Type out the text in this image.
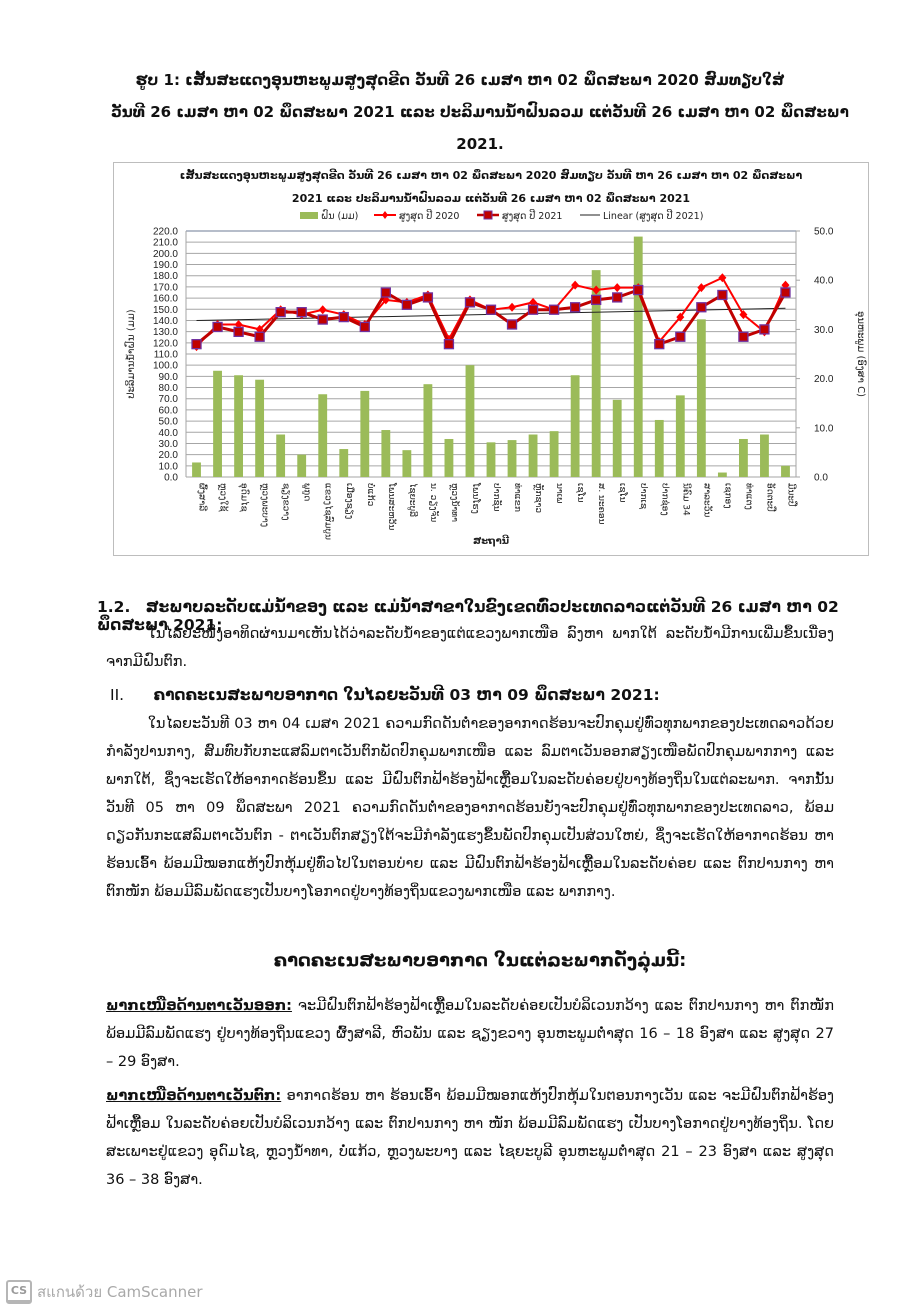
ຮູບ 1: ເສັ້ນສະແດງອຸນຫະພູມສູງສຸດຂີດ ວັນທີ 26 ເມສາ ຫາ 02 ພຶດສະພາ 2020 ສົມທຽບໃສ່
ວັນທີ 26 ເມສາ ຫາ 02 ພຶດສະພາ 2021 ແລະ ປະລິມານນໍ້າຝົນລວມ ແຕ່ວັນທີ 26 ເມສາ ຫາ 02 ພຶດສະພາ 2021.
ເສັ້ນສະແດງອຸນຫະພູມສູງສຸດຂີດ ວັນທີ 26 ເມສາ ຫາ 02 ພຶດສະພາ 2020 ສົມທຽບ ວັນທີ ຫາ 26 ເມສາ ຫາ 02 ພຶດສະພາ
2021 ແລະ ປະລິມານນໍ້າຝົນລວມ ແຕ່ວັນທີ 26 ເມສາ ຫາ 02 ພຶດສະພາ 2021
0.0
10.0
20.0
30.0
40.0
50.0
60.0
70.0
80.0
90.0
100.0
110.0
120.0
130.0
140.0
150.0
160.0
170.0
180.0
190.0
200.0
210.0
220.0
0.0
10.0
20.0
30.0
40.0
50.0
ປະລິມານນໍ້າຝົນ (ມມ)	ອຸນຫະພູມ (ອົງສາ C)
ສະຖານີ
ຜົ້ງສາລີ ຫຼວງໃຊ້ ອຸດົມໄຊ ຫຼວງພະບາງ ຊຽງຂວາງ ພູກູດ ແຂວງໄຊສົມບູນ ເມືອງຊຽງ ບໍ່ແກ້ວ ໂພນສະຫວັນ ໄຊຍະບູລີ ນ. ວຽງຈັນ ຫຼວງນ້ຳທາ ໂພນໂຮງ ປາກຊັນ ທ່າແຂກ ຫຼັກຊາວ ນາເພ ເຊໂນ ສ. ນະຄອນ ເຊໂນ ປາກເຊ ປາກຊ່ອງ ນິຄົມ 34 ສາລະວັນ ເຊກອງ ທ່າແຕງ ອັດຕະປື ມີນະປື
ຝົນ (ມມ)	ສູງສຸດ ປີ 2020	ສູງສຸດ ປີ 2021	Linear (ສູງສຸດ ປີ 2021)
1.2. ສະພາບລະດັບແມ່ນໍ້າຂອງ ແລະ ແມ່ນໍ້າສາຂາໃນຂົງເຂດທົ່ວປະເທດລາວແຕ່ວັນທີ 26 ເມສາ ຫາ 02 ພຶດສະພາ 2021:
ໃນໄລຍະໜຶ່ງອາທິດຜ່ານມາເຫັນໄດ້ວ່າລະດັບນໍ້າຂອງແຕ່ແຂວງພາກເໜືອ ລົງຫາ ພາກໃຕ້ ລະດັບນໍ້າມີການເພີ່ມຂຶ້ນເນື່ອງຈາກມີຝົນຕົກ.
II. ຄາດຄະເນສະພາບອາກາດ ໃນໄລຍະວັນທີ 03 ຫາ 09 ພຶດສະພາ 2021:
ໃນໄລຍະວັນທີ 03 ຫາ 04 ເມສາ 2021 ຄວາມກົດດັນຕໍ່າຂອງອາກາດຮ້ອນຈະປົກຄຸມຢູ່ທົ່ວທຸກພາກຂອງປະເທດລາວດ້ວຍກຳລັງປານກາງ, ສົມທົບກັບກະແສລົມຕາເວັນຕົກພັດປົກຄຸມພາກເໜືອ ແລະ ລົມຕາເວັນອອກສຽງເໜືອພັດປົກຄຸມພາກກາງ ແລະ ພາກໃຕ້, ຊຶ່ງຈະເຮັດໃຫ້ອາກາດຮ້ອນຂຶ້ນ ແລະ ມີຝົນຕົກຟ້າຮ້ອງຟ້າເຫຼື້ອມໃນລະດັບຄ່ອຍຢູ່ບາງທ້ອງຖິ່ນໃນແຕ່ລະພາກ. ຈາກນັ້ນ ວັນທີ 05 ຫາ 09 ພຶດສະພາ 2021 ຄວາມກົດດັນຕໍ່າຂອງອາກາດຮ້ອນຍັງຈະປົກຄຸມຢູ່ທົ່ວທຸກພາກຂອງປະເທດລາວ, ພ້ອມດຽວກັນກະແສລົມຕາເວັນຕົກ - ຕາເວັນຕົກສຽງໃຕ້ຈະມີກຳລັງແຮງຂຶ້ນພັດປົກຄຸມເປັນສ່ວນໃຫຍ່, ຊຶ່ງຈະເຮັດໃຫ້ອາກາດຮ້ອນ ຫາ ຮ້ອນເອົ້າ ພ້ອມມີໝອກແຫ້ງປົກຫຸ້ມຢູ່ທົ່ວໄປໃນຕອນບ່າຍ ແລະ ມີຝົນຕົກຟ້າຮ້ອງຟ້າເຫຼື້ອມໃນລະດັບຄ່ອຍ ແລະ ຕົກປານກາງ ຫາ ຕົກໜັກ ພ້ອມມີລົມພັດແຮງເປັນບາງໂອກາດຢູ່ບາງທ້ອງຖິ່ນແຂວງພາກເໜືອ ແລະ ພາກກາງ.
ຄາດຄະເນສະພາບອາກາດ ໃນແຕ່ລະພາກດັ່ງລຸ່ມນີ້:
ພາກເໜືອດ້ານຕາເວັນອອກ: ຈະມີຝົນຕົກຟ້າຮ້ອງຟ້າເຫຼື້ອມໃນລະດັບຄ່ອຍເປັນບໍລິເວນກວ້າງ ແລະ ຕົກປານກາງ ຫາ ຕົກໜັກ ພ້ອມມີລົມພັດແຮງ ຢູ່ບາງທ້ອງຖິ່ນແຂວງ ຜົ້ງສາລີ, ຫົວພັນ ແລະ ຊຽງຂວາງ ອຸນຫະພູມຕໍ່າສຸດ 16 – 18 ອົງສາ ແລະ ສູງສຸດ 27 – 29 ອົງສາ.
ພາກເໜືອດ້ານຕາເວັນຕົກ: ອາກາດຮ້ອນ ຫາ ຮ້ອນເອົ້າ ພ້ອມມີໝອກແຫ້ງປົກຫຸ້ມໃນຕອນກາງເວັນ ແລະ ຈະມີຝົນຕົກຟ້າຮ້ອງຟ້າເຫຼື້ອມ ໃນລະດັບຄ່ອຍເປັນບໍລິເວນກວ້າງ ແລະ ຕົກປານກາງ ຫາ ໜັກ ພ້ອມມີລົມພັດແຮງ ເປັນບາງໂອກາດຢູ່ບາງທ້ອງຖິ່ນ. ໂດຍສະເພາະຢູ່ແຂວງ ອຸດົມໄຊ, ຫຼວງນໍ້າທາ, ບໍ່ແກ້ວ, ຫຼວງພະບາງ ແລະ ໄຊຍະບູລີ ອຸນຫະພູມຕໍ່າສຸດ 21 – 23 ອົງສາ ແລະ ສູງສຸດ 36 – 38 ອົງສາ.
CS สแกนด้วย CamScanner
